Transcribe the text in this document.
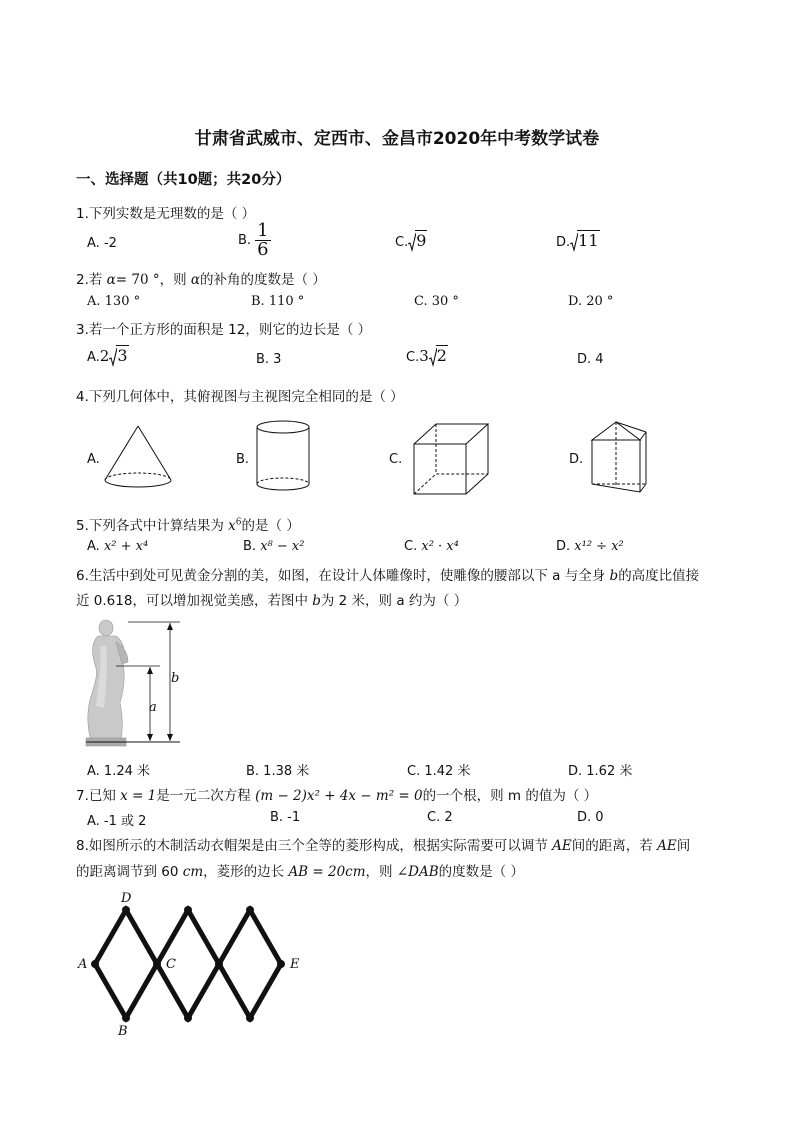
甘肃省武威市、定西市、金昌市2020年中考数学试卷
一、选择题（共10题；共20分）
1.下列实数是无理数的是（ ）
A. -2	B. $\frac{1}{6}$	C. 9	D. 11
2.若 α= 70 °，则 α的补角的度数是（ ）
A. 130 °	B. 110 °	C. 30 °	D. 20 °
3.若一个正方形的面积是 12，则它的边长是（ ）
A.2 3	B. 3	C.3 2	D. 4
4.下列几何体中，其俯视图与主视图完全相同的是（ ）
A.	B.	C.	D.
5.下列各式中计算结果为 $x^6$的是（ ）
A. x² + x⁴	B. x⁸ − x²	C. x² · x⁴	D. x¹² ÷ x²
6.生活中到处可见黄金分割的美，如图，在设计人体雕像时，使雕像的腰部以下 a 与全身 b的高度比值接
近 0.618，可以增加视觉美感，若图中 b为 2 米，则 a 约为（ ）
a
b
A. 1.24 米	B. 1.38 米	C. 1.42 米	D. 1.62 米
7.已知 x = 1是一元二次方程 (m − 2)x² + 4x − m² = 0的一个根，则 m 的值为（ ）
A. -1 或 2	B. -1	C. 2	D. 0
8.如图所示的木制活动衣帽架是由三个全等的菱形构成，根据实际需要可以调节 AE间的距离，若 AE间
的距离调节到 60 cm，菱形的边长 AB = 20cm，则 ∠DAB的度数是（ ）
D
A	C	E
B
